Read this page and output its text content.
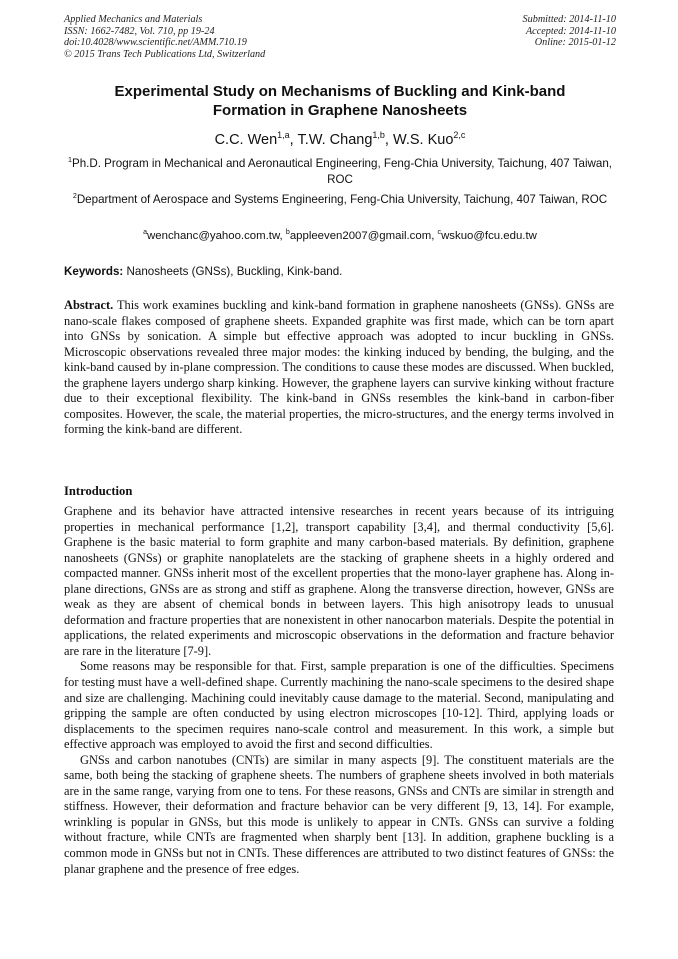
Applied Mechanics and Materials
ISSN: 1662-7482, Vol. 710, pp 19-24
doi:10.4028/www.scientific.net/AMM.710.19
© 2015 Trans Tech Publications Ltd, Switzerland
Submitted: 2014-11-10
Accepted: 2014-11-10
Online: 2015-01-12
Experimental Study on Mechanisms of Buckling and Kink-band
Formation in Graphene Nanosheets
C.C. Wen$^{1,a}$, T.W. Chang$^{1,b}$, W.S. Kuo$^{2,c}$
$^1$Ph.D. Program in Mechanical and Aeronautical Engineering, Feng-Chia University, Taichung, 407 Taiwan, ROC
$^2$Department of Aerospace and Systems Engineering, Feng-Chia University, Taichung, 407 Taiwan, ROC
$^a$wenchanc@yahoo.com.tw, $^b$appleeven2007@gmail.com, $^c$wskuo@fcu.edu.tw
Keywords: Nanosheets (GNSs), Buckling, Kink-band.
Abstract. This work examines buckling and kink-band formation in graphene nanosheets (GNSs). GNSs are nano-scale flakes composed of graphene sheets. Expanded graphite was first made, which can be torn apart into GNSs by sonication. A simple but effective approach was adopted to incur buckling in GNSs. Microscopic observations revealed three major modes: the kinking induced by bending, the bulging, and the kink-band caused by in-plane compression. The conditions to cause these modes are discussed. When buckled, the graphene layers undergo sharp kinking. However, the graphene layers can survive kinking without fracture due to their exceptional flexibility. The kink-band in GNSs resembles the kink-band in carbon-fiber composites. However, the scale, the material properties, the micro-structures, and the energy terms involved in forming the kink-band are different.
Introduction

Graphene and its behavior have attracted intensive researches in recent years because of its intriguing properties in mechanical performance [1,2], transport capability [3,4], and thermal conductivity [5,6]. Graphene is the basic material to form graphite and many carbon-based materials. By definition, graphene nanosheets (GNSs) or graphite nanoplatelets are the stacking of graphene sheets in a highly ordered and compacted manner. GNSs inherit most of the excellent properties that the mono-layer graphene has. Along in-plane directions, GNSs are as strong and stiff as graphene. Along the transverse direction, however, GNSs are weak as they are absent of chemical bonds in between layers. This high anisotropy leads to unusual deformation and fracture properties that are nonexistent in other nanocarbon materials. Despite the potential in applications, the related experiments and microscopic observations in the deformation and fracture behavior are rare in the literature [7-9].

Some reasons may be responsible for that. First, sample preparation is one of the difficulties. Specimens for testing must have a well-defined shape. Currently machining the nano-scale specimens to the desired shape and size are challenging. Machining could inevitably cause damage to the material. Second, manipulating and gripping the sample are often conducted by using electron microscopes [10-12]. Third, applying loads or displacements to the specimen requires nano-scale control and measurement. In this work, a simple but effective approach was employed to avoid the first and second difficulties.

GNSs and carbon nanotubes (CNTs) are similar in many aspects [9]. The constituent materials are the same, both being the stacking of graphene sheets. The numbers of graphene sheets involved in both materials are in the same range, varying from one to tens. For these reasons, GNSs and CNTs are similar in strength and stiffness. However, their deformation and fracture behavior can be very different [9, 13, 14]. For example, wrinkling is popular in GNSs, but this mode is unlikely to appear in CNTs. GNSs can survive a folding without fracture, while CNTs are fragmented when sharply bent [13]. In addition, graphene buckling is a common mode in GNSs but not in CNTs. These differences are attributed to two distinct features of GNSs: the planar graphene and the presence of free edges.
